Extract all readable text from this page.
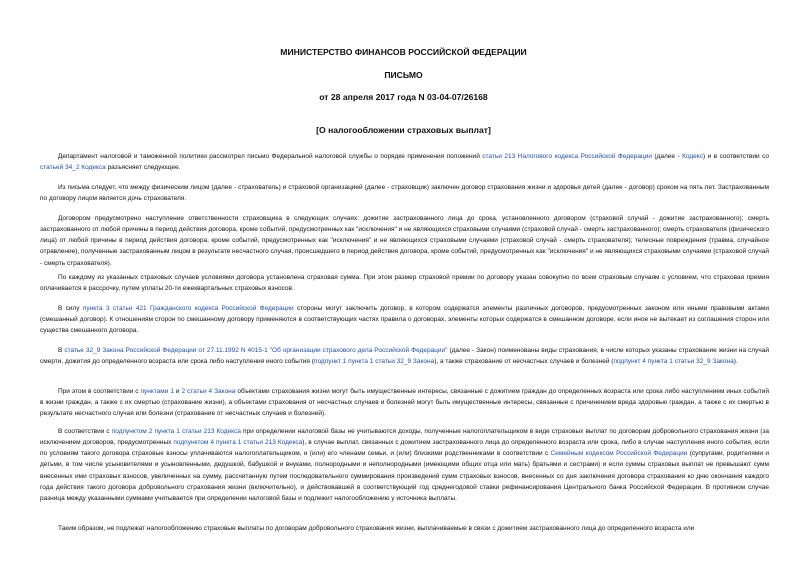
МИНИСТЕРСТВО ФИНАНСОВ РОССИЙСКОЙ ФЕДЕРАЦИИ
ПИСЬМО
от 28 апреля 2017 года N 03-04-07/26168
[О налогообложении страховых выплат]

Департамент налоговой и таможенной политики рассмотрел письмо Федеральной налоговой службы о порядке применения положений статьи 213 Налогового кодекса Российской Федерации (далее - Кодекс) и в соответствии со статьей 34_2 Кодекса разъясняет следующее.

Из письма следует, что между физическим лицом (далее - страхователь) и страховой организацией (далее - страховщик) заключен договор страхования жизни и здоровья детей (далее - договор) сроком на пять лет. Застрахованным по договору лицом является дочь страхователя.

Договором предусмотрено наступление ответственности страховщика в следующих случаях: дожитие застрахованного лица до срока, установленного договором (страховой случай - дожитие застрахованного); смерть застрахованного от любой причины в период действия договора, кроме событий, предусмотренных как "исключения" и не являющихся страховыми случаями (страховой случай - смерть застрахованного); смерть страхователя (физического лица) от любой причины в период действия договора, кроме событий, предусмотренных как "исключения" и не являющихся страховыми случаями (страховой случай - смерть страхователя); телесные повреждения (травма, случайное отравление), полученные застрахованным лицом в результате несчастного случая, происшедшего в период действия договора, кроме событий, предусмотренных как "исключения" и не являющихся страховыми случаями (страховой случай - смерть страхователя).

По каждому из указанных страховых случаев условиями договора установлена страховая сумма. При этом размер страховой премии по договору указан совокупно по всем страховым случаям с условием, что страховая премия оплачивается в рассрочку, путем уплаты 20-ти ежеквартальных страховых взносов.

В силу пункта 3 статьи 421 Гражданского кодекса Российской Федерации стороны могут заключить договор, в котором содержатся элементы различных договоров, предусмотренных законом или иными правовыми актами (смешанный договор). К отношениям сторон по смешанному договору применяются в соответствующих частях правила о договорах, элементы которых содержатся в смешанном договоре, если иное не вытекает из соглашения сторон или существа смешанного договора.

В статье 32_9 Закона Российской Федерации от 27.11.1992 N 4015-1 "Об организации страхового дела Российской Федерации" (далее - Закон) поименованы виды страхования, в числе которых указаны страхование жизни на случай смерти, дожития до определенного возраста или срока либо наступления иного события (подпункт 1 пункта 1 статьи 32_9 Закона), а также страхование от несчастных случаев и болезней (подпункт 4 пункта 1 статьи 32_9 Закона).

При этом в соответствии с пунктами 1 и 2 статьи 4 Закона объектами страхования жизни могут быть имущественные интересы, связанные с дожитием граждан до определенных возраста или срока либо наступлением иных событий в жизни граждан, а также с их смертью (страхование жизни), а объектами страхования от несчастных случаев и болезней могут быть имущественные интересы, связанные с причинением вреда здоровью граждан, а также с их смертью в результате несчастного случая или болезни (страхование от несчастных случаев и болезней).

В соответствии с подпунктом 2 пункта 1 статьи 213 Кодекса при определении налоговой базы не учитываются доходы, полученные налогоплательщиком в виде страховых выплат по договорам добровольного страхования жизни (за исключением договоров, предусмотренных подпунктом 4 пункта 1 статьи 213 Кодекса), в случае выплат, связанных с дожитием застрахованного лица до определенного возраста или срока, либо в случае наступления иного события, если по условиям такого договора страховые взносы уплачиваются налогоплательщиком, и (или) его членами семьи, и (или) близкими родственниками в соответствии с Семейным кодексом Российской Федерации (супругами, родителями и детьми, в том числе усыновителями и усыновленными, дедушкой, бабушкой и внуками, полнородными и неполнородными (имеющими общих отца или мать) братьями и сестрами) и если суммы страховых выплат не превышают сумм внесенных ими страховых взносов, увеличенных на сумму, рассчитанную путем последовательного суммирования произведений сумм страховых взносов, внесенных со дня заключения договора страхования ко дню окончания каждого года действия такого договора добровольного страхования жизни (включительно), и действовавшей в соответствующий год среднегодовой ставки рефинансирования Центрального банка Российской Федерации. В противном случае разница между указанными суммами учитывается при определении налоговой базы и подлежит налогообложению у источника выплаты.

Таким образом, не подлежат налогообложению страховые выплаты по договорам добровольного страхования жизни, выплачиваемые в связи с дожитием застрахованного лица до определенного возраста или
